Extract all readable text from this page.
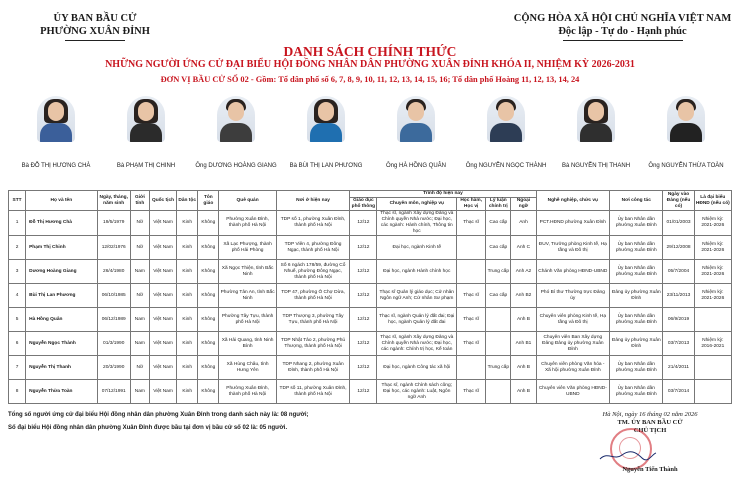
ỦY BAN BẦU CỬ
PHƯỜNG XUÂN ĐỈNH
CỘNG HÒA XÃ HỘI CHỦ NGHĨA VIỆT NAM
Độc lập - Tự do - Hạnh phúc
DANH SÁCH CHÍNH THỨC
NHỮNG NGƯỜI ỨNG CỬ ĐẠI BIỂU HỘI ĐỒNG NHÂN DÂN PHƯỜNG XUÂN ĐỈNH KHÓA II, NHIỆM KỲ 2026-2031
ĐƠN VỊ BẦU CỬ SỐ 02 - Gồm: Tổ dân phố số 6, 7, 8, 9, 10, 11, 12, 13, 14, 15, 16; Tổ dân phố Hoàng 11, 12, 13, 14, 24
Bà ĐỖ THỊ HƯƠNG CHÀ	Bà PHẠM THỊ CHINH	Ông DƯƠNG HOÀNG GIANG	Bà BÙI THỊ LAN PHƯƠNG	Ông HÀ HỒNG QUÂN	Ông NGUYỄN NGỌC THÀNH	Bà NGUYỄN THỊ THANH	Ông NGUYỄN THỪA TOÀN
STT	Họ và tên	Ngày, tháng, năm sinh	Giới tính	Quốc tịch	Dân tộc	Tôn giáo	Quê quán	Nơi ở hiện nay	Trình độ hiện nay					Nghề nghiệp, chức vụ	Nơi công tác	Ngày vào Đảng (nếu có)	Là đại biểu HĐND (nếu có)
									Giáo dục phổ thông	Chuyên môn, nghiệp vụ	Học hàm, Học vị	Lý luận chính trị	Ngoại ngữ				
1	Đỗ Thị Hương Chà	19/5/1979	Nữ	Việt Nam	Kinh	Không	Phường Xuân Đỉnh, thành phố Hà Nội	TDP số 1, phường Xuân Đỉnh, thành phố Hà Nội	12/12	Thạc sĩ, ngành Xây dựng Đảng và Chính quyền Nhà nước; Đại học, các ngành: Hành chính, Thông tin học	Thạc sĩ	Cao cấp	Anh	PCT.HĐND phường Xuân Đỉnh	Ủy ban Nhân dân phường Xuân Đỉnh	01/01/2003	Nhiệm kỳ: 2021-2026
2	Phạm Thị Chinh	12/02/1976	Nữ	Việt Nam	Kinh	Không	Xã Lạc Phượng, thành phố Hải Phòng	TDP Viên 4, phường Đông Ngạc, thành phố Hà Nội	12/12	Đại học, ngành Kinh tế		Cao cấp	Anh C	ĐUV, Trưởng phòng Kinh tế, Hạ tầng và Đô thị	Ủy ban Nhân dân phường Xuân Đỉnh	29/12/2008	Nhiệm kỳ: 2021-2026
3	Dương Hoàng Giang	26/4/1980	Nam	Việt Nam	Kinh	Không	Xã Ngọc Thiện, tỉnh Bắc Ninh	Số 6 ngách 178/59, đường Cổ Nhuế, phường Đông Ngạc, thành phố Hà Nội	12/12	Đại học, ngành Hành chính học		Trung cấp	Anh A2	Chánh Văn phòng HĐND-UBND	Ủy ban Nhân dân phường Xuân Đỉnh	05/7/2004	Nhiệm kỳ: 2021-2026
4	Bùi Thị Lan Phương	06/10/1985	Nữ	Việt Nam	Kinh	Không	Phường Tản An, tỉnh Bắc Ninh	TDP 47, phường Ô Chợ Dừa, thành phố Hà Nội	12/12	Thạc sĩ Quản lý giáo dục; Cử nhân Ngôn ngữ Anh; Cử nhân Sư phạm	Thạc sĩ	Cao cấp	Anh B2	Phó Bí thư Thường trực Đảng ủy	Đảng ủy phường Xuân Đỉnh	23/11/2013	Nhiệm kỳ: 2021-2026
5	Hà Hồng Quân	06/12/1989	Nam	Việt Nam	Kinh	Không	Phường Tây Tựu, thành phố Hà Nội	TDP Thượng 3, phường Tây Tựu, thành phố Hà Nội	12/12	Thạc sĩ, ngành Quản lý đất đai; Đại học, ngành Quản lý đất đai	Thạc sĩ		Anh B	Chuyên viên phòng Kinh tế, Hạ tầng và Đô thị	Ủy ban Nhân dân phường Xuân Đỉnh	06/9/2019	
6	Nguyễn Ngọc Thành	01/3/1990	Nam	Việt Nam	Kinh	Không	Xã Hải Quang, tỉnh Ninh Bình	TDP Nhật Tảo 2, phường Phú Thượng, thành phố Hà Nội	12/12	Thạc sĩ, ngành Xây dựng Đảng và Chính quyền Nhà nước; Đại học, các ngành: Chính trị học, Kế toán	Thạc sĩ		Anh B1	Chuyên viên Ban Xây dựng Đảng Đảng ủy phường Xuân Đỉnh	Đảng ủy phường Xuân Đỉnh	03/7/2013	Nhiệm kỳ: 2016-2021
7	Nguyễn Thị Thanh	20/3/1990	Nữ	Việt Nam	Kinh	Không	Xã Hùng Châu, tỉnh Hưng Yên	TDP Nhang 2, phường Xuân Đỉnh, thành phố Hà Nội	12/12	Đại học, ngành Công tác xã hội		Trung cấp	Anh B	Chuyên viên phòng Văn hóa - Xã hội phường Xuân Đỉnh	Ủy ban Nhân dân phường Xuân Đỉnh	21/4/2011	
8	Nguyễn Thừa Toàn	07/12/1991	Nam	Việt Nam	Kinh	Không	Phường Xuân Đỉnh, thành phố Hà Nội	TDP số 11, phường Xuân Đỉnh, thành phố Hà Nội	12/12	Thạc sĩ, ngành Chính sách công; Đại học, các ngành: Luật, Ngôn ngữ Anh	Thạc sĩ		Anh B	Chuyên viên Văn phòng HĐND-UBND	Ủy ban Nhân dân phường Xuân Đỉnh	03/7/2014	
Tổng số người ứng cử đại biểu Hội đồng nhân dân phường Xuân Đỉnh trong danh sách này là: 08 người;
Số đại biểu Hội đồng nhân dân phường Xuân Đỉnh được bầu tại đơn vị bầu cử số 02 là: 05 người.
Hà Nội, ngày 16 tháng 02 năm 2026
TM. ỦY BAN BẦU CỬ
CHỦ TỊCH
Nguyễn Tiến Thành
